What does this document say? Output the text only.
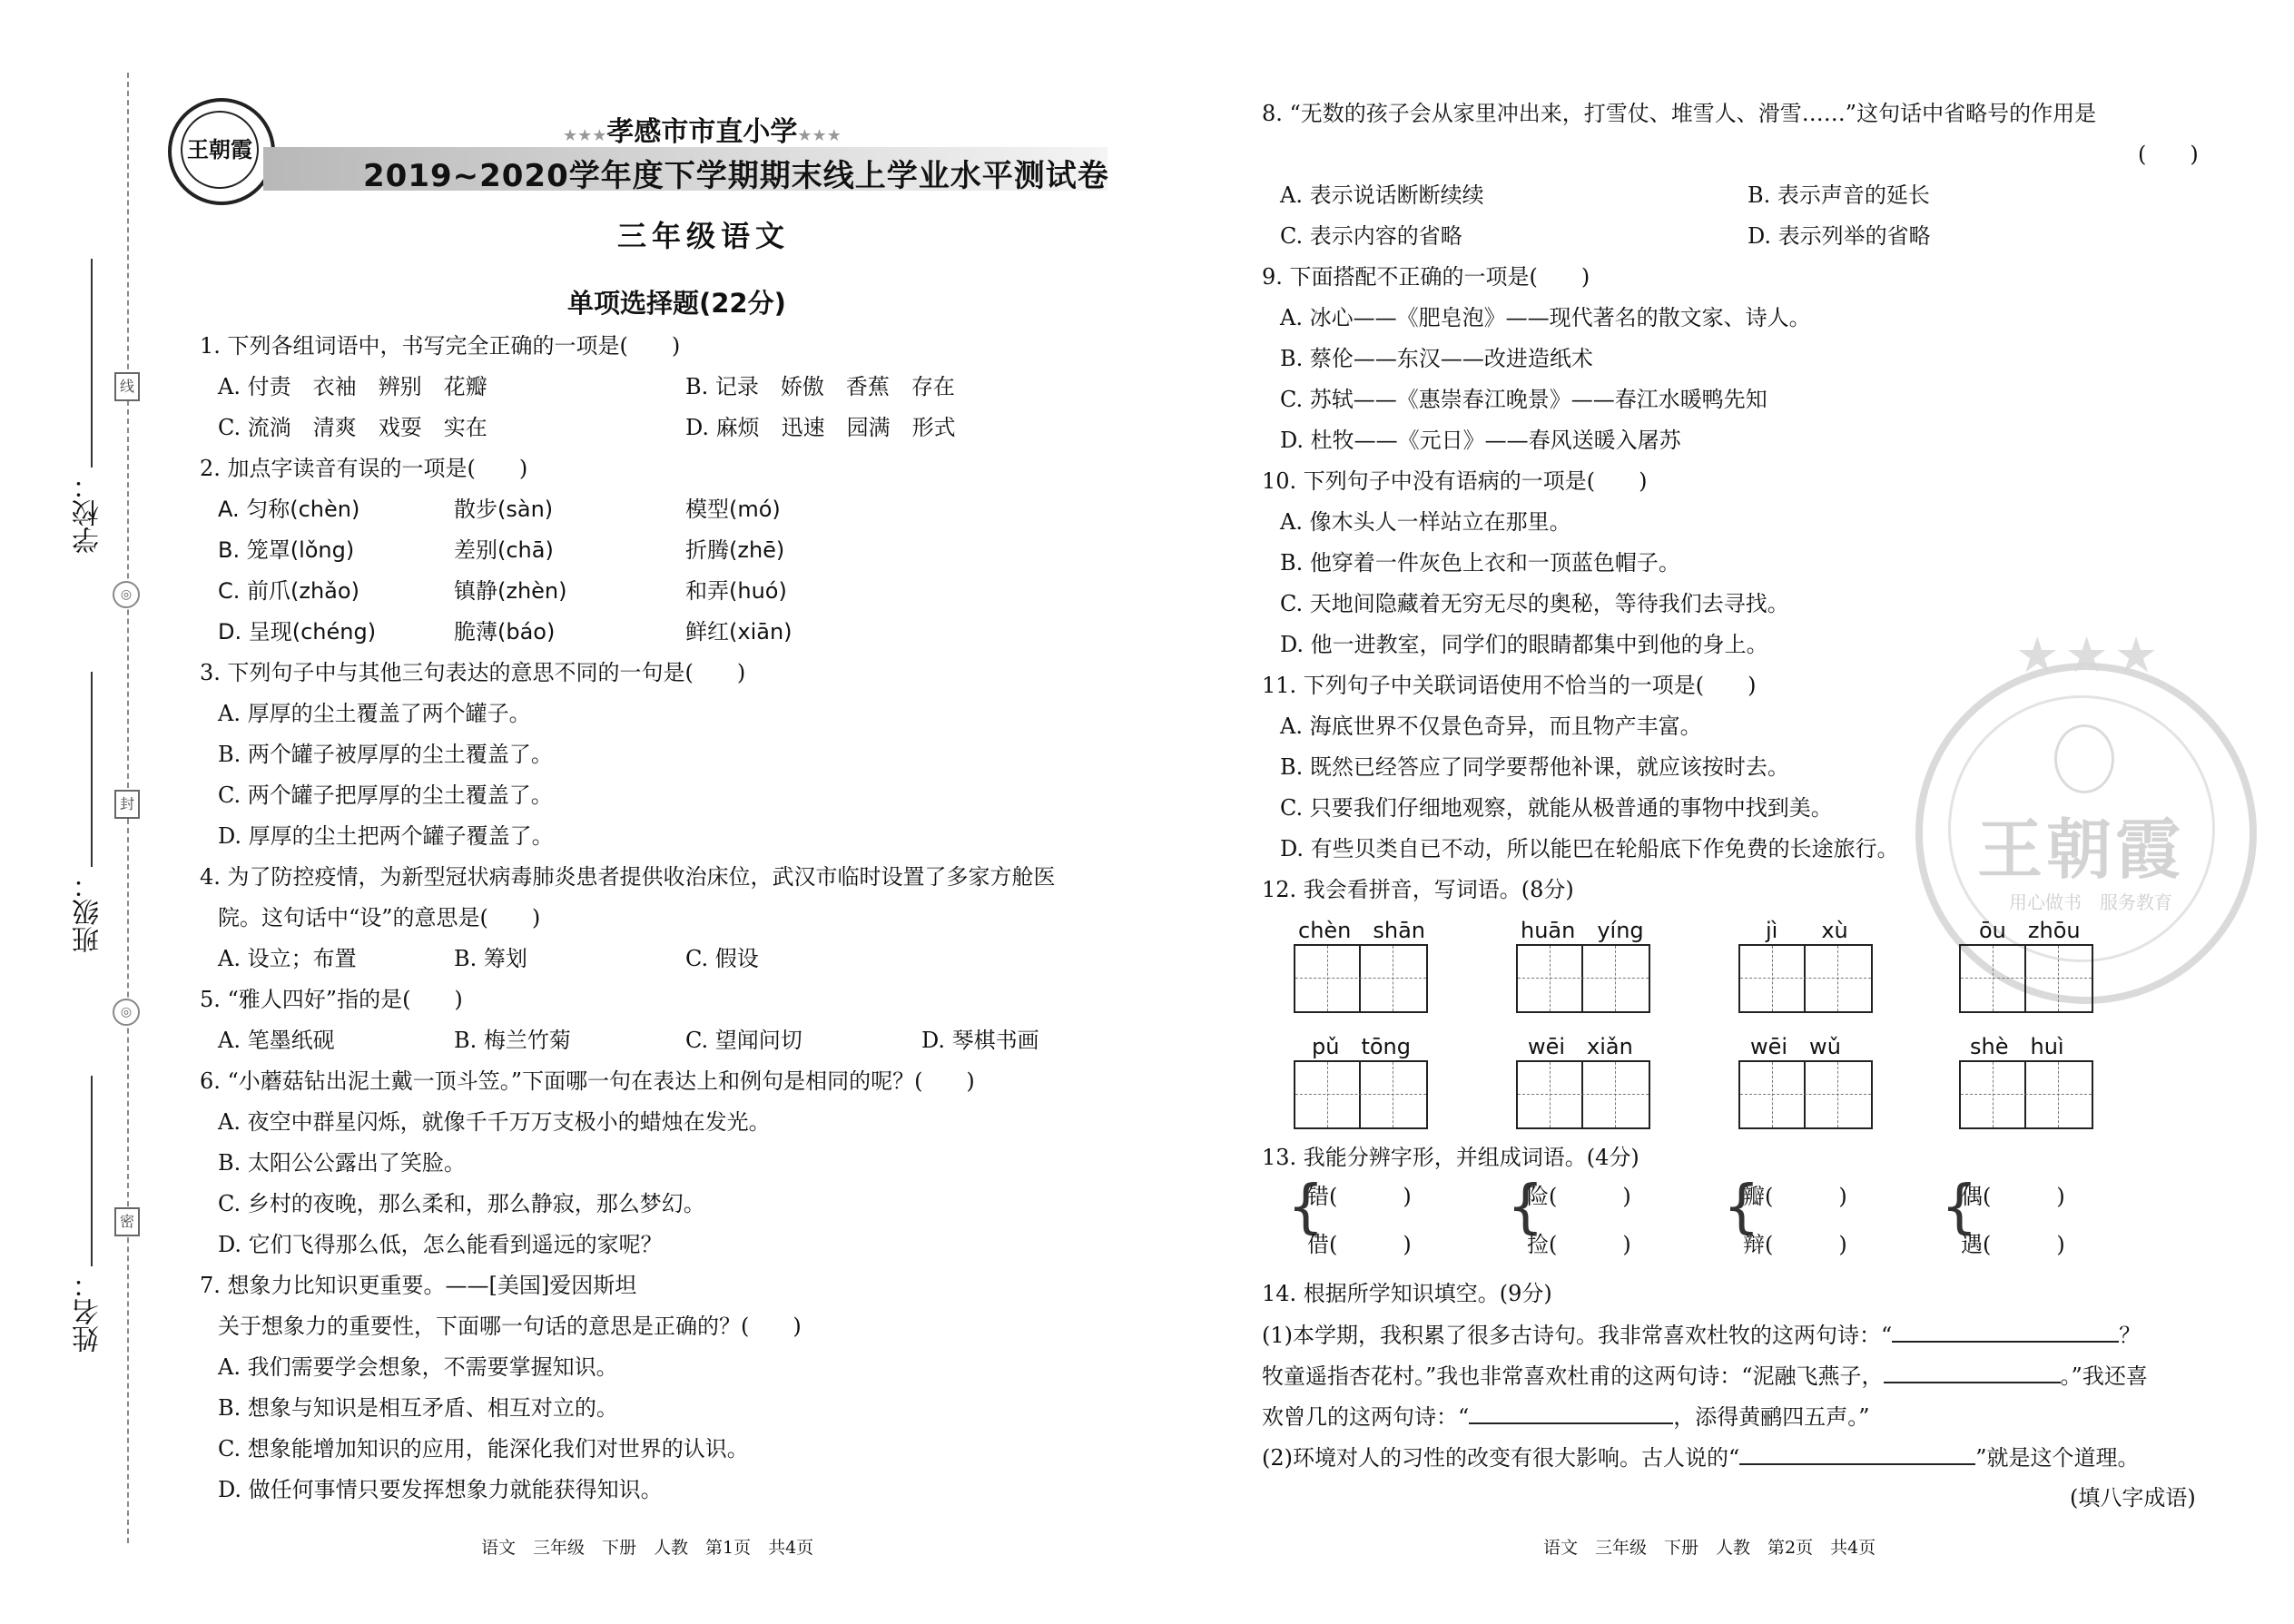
学校：
班级：
姓名：
线
封
密
◎
◎
王朝霞
★★★孝感市市直小学★★★
2019~2020学年度下学期期末线上学业水平测试卷
三年级语文
单项选择题(22分)
1. 下列各组词语中，书写完全正确的一项是(　　)
A. 付责　衣袖　辨别　花瓣	B. 记录　娇傲　香蕉　存在
C. 流淌　清爽　戏耍　实在	D. 麻烦　迅速　园满　形式
2. 加点字读音有误的一项是(　　)
A. 匀称(chèn)	散步(sàn)	模型(mó)
B. 笼罩(lǒng)	差别(chā)	折腾(zhē)
C. 前爪(zhǎo)	镇静(zhèn)	和弄(huó)
D. 呈现(chéng)	脆薄(báo)	鲜红(xiān)
3. 下列句子中与其他三句表达的意思不同的一句是(　　)
A. 厚厚的尘土覆盖了两个罐子。
B. 两个罐子被厚厚的尘土覆盖了。
C. 两个罐子把厚厚的尘土覆盖了。
D. 厚厚的尘土把两个罐子覆盖了。
4. 为了防控疫情，为新型冠状病毒肺炎患者提供收治床位，武汉市临时设置了多家方舱医
院。这句话中“设”的意思是(　　)
A. 设立；布置	B. 筹划	C. 假设
5. “雅人四好”指的是(　　)
A. 笔墨纸砚	B. 梅兰竹菊	C. 望闻问切	D. 琴棋书画
6. “小蘑菇钻出泥土戴一顶斗笠。”下面哪一句在表达上和例句是相同的呢？(　　)
A. 夜空中群星闪烁，就像千千万万支极小的蜡烛在发光。
B. 太阳公公露出了笑脸。
C. 乡村的夜晚，那么柔和，那么静寂，那么梦幻。
D. 它们飞得那么低，怎么能看到遥远的家呢？
7. 想象力比知识更重要。——[美国]爱因斯坦
关于想象力的重要性，下面哪一句话的意思是正确的？(　　)
A. 我们需要学会想象，不需要掌握知识。
B. 想象与知识是相互矛盾、相互对立的。
C. 想象能增加知识的应用，能深化我们对世界的认识。
D. 做任何事情只要发挥想象力就能获得知识。
语文　三年级　下册　人教　第1页　共4页
★★★
王朝霞
用心做书　服务教育
8. “无数的孩子会从家里冲出来，打雪仗、堆雪人、滑雪……”这句话中省略号的作用是
(　　)
A. 表示说话断断续续	B. 表示声音的延长
C. 表示内容的省略	D. 表示列举的省略
9. 下面搭配不正确的一项是(　　)
A. 冰心——《肥皂泡》——现代著名的散文家、诗人。
B. 蔡伦——东汉——改进造纸术
C. 苏轼——《惠崇春江晚景》——春江水暖鸭先知
D. 杜牧——《元日》——春风送暖入屠苏
10. 下列句子中没有语病的一项是(　　)
A. 像木头人一样站立在那里。
B. 他穿着一件灰色上衣和一顶蓝色帽子。
C. 天地间隐藏着无穷无尽的奥秘，等待我们去寻找。
D. 他一进教室，同学们的眼睛都集中到他的身上。
11. 下列句子中关联词语使用不恰当的一项是(　　)
A. 海底世界不仅景色奇异，而且物产丰富。
B. 既然已经答应了同学要帮他补课，就应该按时去。
C. 只要我们仔细地观察，就能从极普通的事物中找到美。
D. 有些贝类自已不动，所以能巴在轮船底下作免费的长途旅行。
12. 我会看拼音，写词语。(8分)
chèn　shān	huān　yíng	jì　　xù	ōu　zhōu
pǔ　tōng	wēi　xiǎn	wēi　wǔ	shè　huì
13. 我能分辨字形，并组成词语。(4分)
{
错(　　　)
借(　　　)
{
险(　　　)
捡(　　　)
{
瓣(　　　)
辩(　　　)
{
偶(　　　)
遇(　　　)
14. 根据所学知识填空。(9分)
(1)本学期，我积累了很多古诗句。我非常喜欢杜牧的这两句诗：“	？
牧童遥指杏花村。”我也非常喜欢杜甫的这两句诗：“泥融飞燕子，	。”我还喜
欢曾几的这两句诗：“	，添得黄鹂四五声。”
(2)环境对人的习性的改变有很大影响。古人说的“	”就是这个道理。
(填八字成语)
语文　三年级　下册　人教　第2页　共4页
